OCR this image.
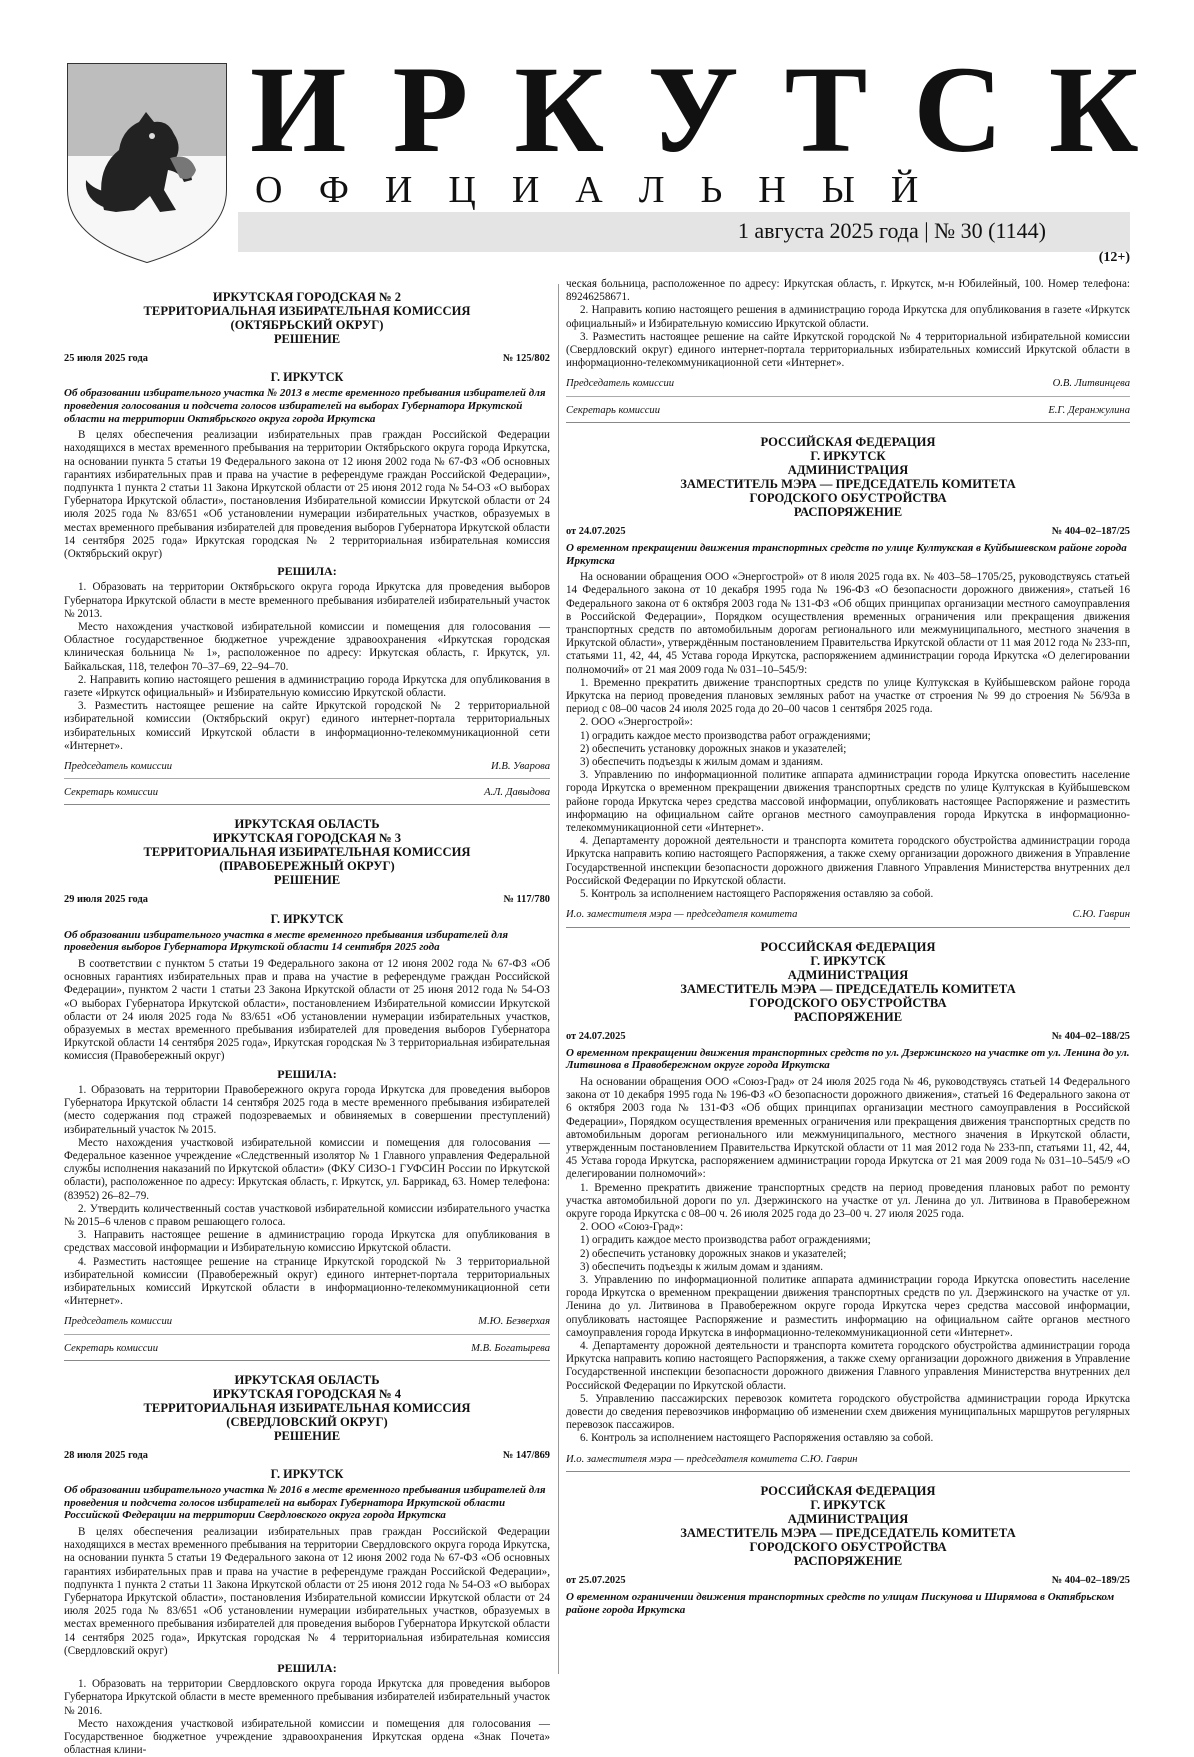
ИРКУТСК
ОФИЦИАЛЬНЫЙ
1 августа 2025 года | № 30 (1144)
(12+)
ИРКУТСКАЯ ГОРОДСКАЯ № 2
ТЕРРИТОРИАЛЬНАЯ ИЗБИРАТЕЛЬНАЯ КОМИССИЯ
(ОКТЯБРЬСКИЙ ОКРУГ)
РЕШЕНИЕ
25 июля 2025 года	№ 125/802
Г. ИРКУТСК
Об образовании избирательного участка № 2013 в месте временного пребывания избирателей для проведения голосования и подсчета голосов избирателей на выборах Губернатора Иркутской области на территории Октябрьского округа города Иркутска

В целях обеспечения реализации избирательных прав граждан Российской Федерации находящихся в местах временного пребывания на территории Октябрьского округа города Иркутска, на основании пункта 5 статьи 19 Федерального закона от 12 июня 2002 года № 67-ФЗ «Об основных гарантиях избирательных прав и права на участие в референдуме граждан Российской Федерации», подпункта 1 пункта 2 статьи 11 Закона Иркутской области от 25 июня 2012 года № 54-ОЗ «О выборах Губернатора Иркутской области», постановления Избирательной комиссии Иркутской области от 24 июля 2025 года № 83/651 «Об установлении нумерации избирательных участков, образуемых в местах временного пребывания избирателей для проведения выборов Губернатора Иркутской области 14 сентября 2025 года» Иркутская городская № 2 территориальная избирательная комиссия (Октябрьский округ)

РЕШИЛА:

1. Образовать на территории Октябрьского округа города Иркутска для проведения выборов Губернатора Иркутской области в месте временного пребывания избирателей избирательный участок № 2013.

Место нахождения участковой избирательной комиссии и помещения для голосования — Областное государственное бюджетное учреждение здравоохранения «Иркутская городская клиническая больница № 1», расположенное по адресу: Иркутская область, г. Иркутск, ул. Байкальская, 118, телефон 70–37–69, 22–94–70.

2. Направить копию настоящего решения в администрацию города Иркутска для опубликования в газете «Иркутск официальный» и Избирательную комиссию Иркутской области.

3. Разместить настоящее решение на сайте Иркутской городской № 2 территориальной избирательной комиссии (Октябрьский округ) единого интернет-портала территориальных избирательных комиссий Иркутской области в информационно-телекоммуникационной сети «Интернет».

Председатель комиссии	И.В. Уварова
Секретарь комиссии	А.Л. Давыдова
ИРКУТСКАЯ ОБЛАСТЬ
ИРКУТСКАЯ ГОРОДСКАЯ № 3
ТЕРРИТОРИАЛЬНАЯ ИЗБИРАТЕЛЬНАЯ КОМИССИЯ
(ПРАВОБЕРЕЖНЫЙ ОКРУГ)
РЕШЕНИЕ
29 июля 2025 года	№ 117/780
Г. ИРКУТСК
Об образовании избирательного участка в месте временного пребывания избирателей для проведения выборов Губернатора Иркутской области 14 сентября 2025 года

В соответствии с пунктом 5 статьи 19 Федерального закона от 12 июня 2002 года № 67-ФЗ «Об основных гарантиях избирательных прав и права на участие в референдуме граждан Российской Федерации», пунктом 2 части 1 статьи 23 Закона Иркутской области от 25 июня 2012 года № 54-ОЗ «О выборах Губернатора Иркутской области», постановлением Избирательной комиссии Иркутской области от 24 июля 2025 года № 83/651 «Об установлении нумерации избирательных участков, образуемых в местах временного пребывания избирателей для проведения выборов Губернатора Иркутской области 14 сентября 2025 года», Иркутская городская № 3 территориальная избирательная комиссия (Правобережный округ)

РЕШИЛА:

1. Образовать на территории Правобережного округа города Иркутска для проведения выборов Губернатора Иркутской области 14 сентября 2025 года в месте временного пребывания избирателей (место содержания под стражей подозреваемых и обвиняемых в совершении преступлений) избирательный участок № 2015.

Место нахождения участковой избирательной комиссии и помещения для голосования — Федеральное казенное учреждение «Следственный изолятор № 1 Главного управления Федеральной службы исполнения наказаний по Иркутской области» (ФКУ СИЗО-1 ГУФСИН России по Иркутской области), расположенное по адресу: Иркутская область, г. Иркутск, ул. Баррикад, 63. Номер телефона: (83952) 26–82–79.

2. Утвердить количественный состав участковой избирательной комиссии избирательного участка № 2015–6 членов с правом решающего голоса.

3. Направить настоящее решение в администрацию города Иркутска для опубликования в средствах массовой информации и Избирательную комиссию Иркутской области.

4. Разместить настоящее решение на странице Иркутской городской № 3 территориальной избирательной комиссии (Правобережный округ) единого интернет-портала территориальных избирательных комиссий Иркутской области в информационно-телекоммуникационной сети «Интернет».

Председатель комиссии	М.Ю. Безверхая
Секретарь комиссии	М.В. Богатырева
ИРКУТСКАЯ ОБЛАСТЬ
ИРКУТСКАЯ ГОРОДСКАЯ № 4
ТЕРРИТОРИАЛЬНАЯ ИЗБИРАТЕЛЬНАЯ КОМИССИЯ
(СВЕРДЛОВСКИЙ ОКРУГ)
РЕШЕНИЕ
28 июля 2025 года	№ 147/869
Г. ИРКУТСК
Об образовании избирательного участка № 2016 в месте временного пребывания избирателей для проведения и подсчета голосов избирателей на выборах Губернатора Иркутской области Российской Федерации на территории Свердловского округа города Иркутска

В целях обеспечения реализации избирательных прав граждан Российской Федерации находящихся в местах временного пребывания на территории Свердловского округа города Иркутска, на основании пункта 5 статьи 19 Федерального закона от 12 июня 2002 года № 67-ФЗ «Об основных гарантиях избирательных прав и права на участие в референдуме граждан Российской Федерации», подпункта 1 пункта 2 статьи 11 Закона Иркутской области от 25 июня 2012 года № 54-ОЗ «О выборах Губернатора Иркутской области», постановления Избирательной комиссии Иркутской области от 24 июля 2025 года № 83/651 «Об установлении нумерации избирательных участков, образуемых в местах временного пребывания избирателей для проведения выборов Губернатора Иркутской области 14 сентября 2025 года», Иркутская городская № 4 территориальная избирательная комиссия (Свердловский округ)

РЕШИЛА:

1. Образовать на территории Свердловского округа города Иркутска для проведения выборов Губернатора Иркутской области в месте временного пребывания избирателей избирательный участок № 2016.

Место нахождения участковой избирательной комиссии и помещения для голосования — Государственное бюджетное учреждение здравоохранения Иркутская ордена «Знак Почета» областная клини-

ческая больница, расположенное по адресу: Иркутская область, г. Иркутск, м-н Юбилейный, 100. Номер телефона: 89246258671.

2. Направить копию настоящего решения в администрацию города Иркутска для опубликования в газете «Иркутск официальный» и Избирательную комиссию Иркутской области.

3. Разместить настоящее решение на сайте Иркутской городской № 4 территориальной избирательной комиссии (Свердловский округ) единого интернет-портала территориальных избирательных комиссий Иркутской области в информационно-телекоммуникационной сети «Интернет».

Председатель комиссии	О.В. Литвинцева
Секретарь комиссии	Е.Г. Деранжулина
РОССИЙСКАЯ ФЕДЕРАЦИЯ
Г. ИРКУТСК
АДМИНИСТРАЦИЯ
ЗАМЕСТИТЕЛЬ МЭРА — ПРЕДСЕДАТЕЛЬ КОМИТЕТА
ГОРОДСКОГО ОБУСТРОЙСТВА
РАСПОРЯЖЕНИЕ
от 24.07.2025	№ 404–02–187/25
О временном прекращении движения транспортных средств по улице Култукская в Куйбышевском районе города Иркутска

На основании обращения ООО «Энергострой» от 8 июля 2025 года вх. № 403–58–1705/25, руководствуясь статьей 14 Федерального закона от 10 декабря 1995 года № 196-ФЗ «О безопасности дорожного движения», статьей 16 Федерального закона от 6 октября 2003 года № 131-ФЗ «Об общих принципах организации местного самоуправления в Российской Федерации», Порядком осуществления временных ограничения или прекращения движения транспортных средств по автомобильным дорогам регионального или межмуниципального, местного значения в Иркутской области», утверждённым постановлением Правительства Иркутской области от 11 мая 2012 года № 233-пп, статьями 11, 42, 44, 45 Устава города Иркутска, распоряжением администрации города Иркутска «О делегировании полномочий» от 21 мая 2009 года № 031–10–545/9:

1. Временно прекратить движение транспортных средств по улице Култукская в Куйбышевском районе города Иркутска на период проведения плановых земляных работ на участке от строения № 99 до строения № 56/93а в период с 08–00 часов 24 июля 2025 года до 20–00 часов 1 сентября 2025 года.

2. ООО «Энергострой»:

1) оградить каждое место производства работ ограждениями;

2) обеспечить установку дорожных знаков и указателей;

3) обеспечить подъезды к жилым домам и зданиям.

3. Управлению по информационной политике аппарата администрации города Иркутска оповестить население города Иркутска о временном прекращении движения транспортных средств по улице Култукская в Куйбышевском районе города Иркутска через средства массовой информации, опубликовать настоящее Распоряжение и разместить информацию на официальном сайте органов местного самоуправления города Иркутска в информационно-телекоммуникационной сети «Интернет».

4. Департаменту дорожной деятельности и транспорта комитета городского обустройства администрации города Иркутска направить копию настоящего Распоряжения, а также схему организации дорожного движения в Управление Государственной инспекции безопасности дорожного движения Главного Управления Министерства внутренних дел Российской Федерации по Иркутской области.

5. Контроль за исполнением настоящего Распоряжения оставляю за собой.

И.о. заместителя мэра — председателя комитета	С.Ю. Гаврин
РОССИЙСКАЯ ФЕДЕРАЦИЯ
Г. ИРКУТСК
АДМИНИСТРАЦИЯ
ЗАМЕСТИТЕЛЬ МЭРА — ПРЕДСЕДАТЕЛЬ КОМИТЕТА
ГОРОДСКОГО ОБУСТРОЙСТВА
РАСПОРЯЖЕНИЕ
от 24.07.2025	№ 404–02–188/25
О временном прекращении движения транспортных средств по ул. Дзержинского на участке от ул. Ленина до ул. Литвинова в Правобережном округе города Иркутска

На основании обращения ООО «Союз-Град» от 24 июля 2025 года № 46, руководствуясь статьей 14 Федерального закона от 10 декабря 1995 года № 196-ФЗ «О безопасности дорожного движения», статьей 16 Федерального закона от 6 октября 2003 года № 131-ФЗ «Об общих принципах организации местного самоуправления в Российской Федерации», Порядком осуществления временных ограничения или прекращения движения транспортных средств по автомобильным дорогам регионального или межмуниципального, местного значения в Иркутской области, утвержденным постановлением Правительства Иркутской области от 11 мая 2012 года № 233-пп, статьями 11, 42, 44, 45 Устава города Иркутска, распоряжением администрации города Иркутска от 21 мая 2009 года № 031–10–545/9 «О делегировании полномочий»:

1. Временно прекратить движение транспортных средств на период проведения плановых работ по ремонту участка автомобильной дороги по ул. Дзержинского на участке от ул. Ленина до ул. Литвинова в Правобережном округе города Иркутска с 08–00 ч. 26 июля 2025 года до 23–00 ч. 27 июля 2025 года.

2. ООО «Союз-Град»:

1) оградить каждое место производства работ ограждениями;

2) обеспечить установку дорожных знаков и указателей;

3) обеспечить подъезды к жилым домам и зданиям.

3. Управлению по информационной политике аппарата администрации города Иркутска оповестить население города Иркутска о временном прекращении движения транспортных средств по ул. Дзержинского на участке от ул. Ленина до ул. Литвинова в Правобережном округе города Иркутска через средства массовой информации, опубликовать настоящее Распоряжение и разместить информацию на официальном сайте органов местного самоуправления города Иркутска в информационно-телекоммуникационной сети «Интернет».

4. Департаменту дорожной деятельности и транспорта комитета городского обустройства администрации города Иркутска направить копию настоящего Распоряжения, а также схему организации дорожного движения в Управление Государственной инспекции безопасности дорожного движения Главного управления Министерства внутренних дел Российской Федерации по Иркутской области.

5. Управлению пассажирских перевозок комитета городского обустройства администрации города Иркутска довести до сведения перевозчиков информацию об изменении схем движения муниципальных маршрутов регулярных перевозок пассажиров.

6. Контроль за исполнением настоящего Распоряжения оставляю за собой.

И.о. заместителя мэра — председателя комитета С.Ю. Гаврин
РОССИЙСКАЯ ФЕДЕРАЦИЯ
Г. ИРКУТСК
АДМИНИСТРАЦИЯ
ЗАМЕСТИТЕЛЬ МЭРА — ПРЕДСЕДАТЕЛЬ КОМИТЕТА
ГОРОДСКОГО ОБУСТРОЙСТВА
РАСПОРЯЖЕНИЕ
от 25.07.2025	№ 404–02–189/25
О временном ограничении движения транспортных средств по улицам Пискунова и Ширямова в Октябрьском районе города Иркутска
